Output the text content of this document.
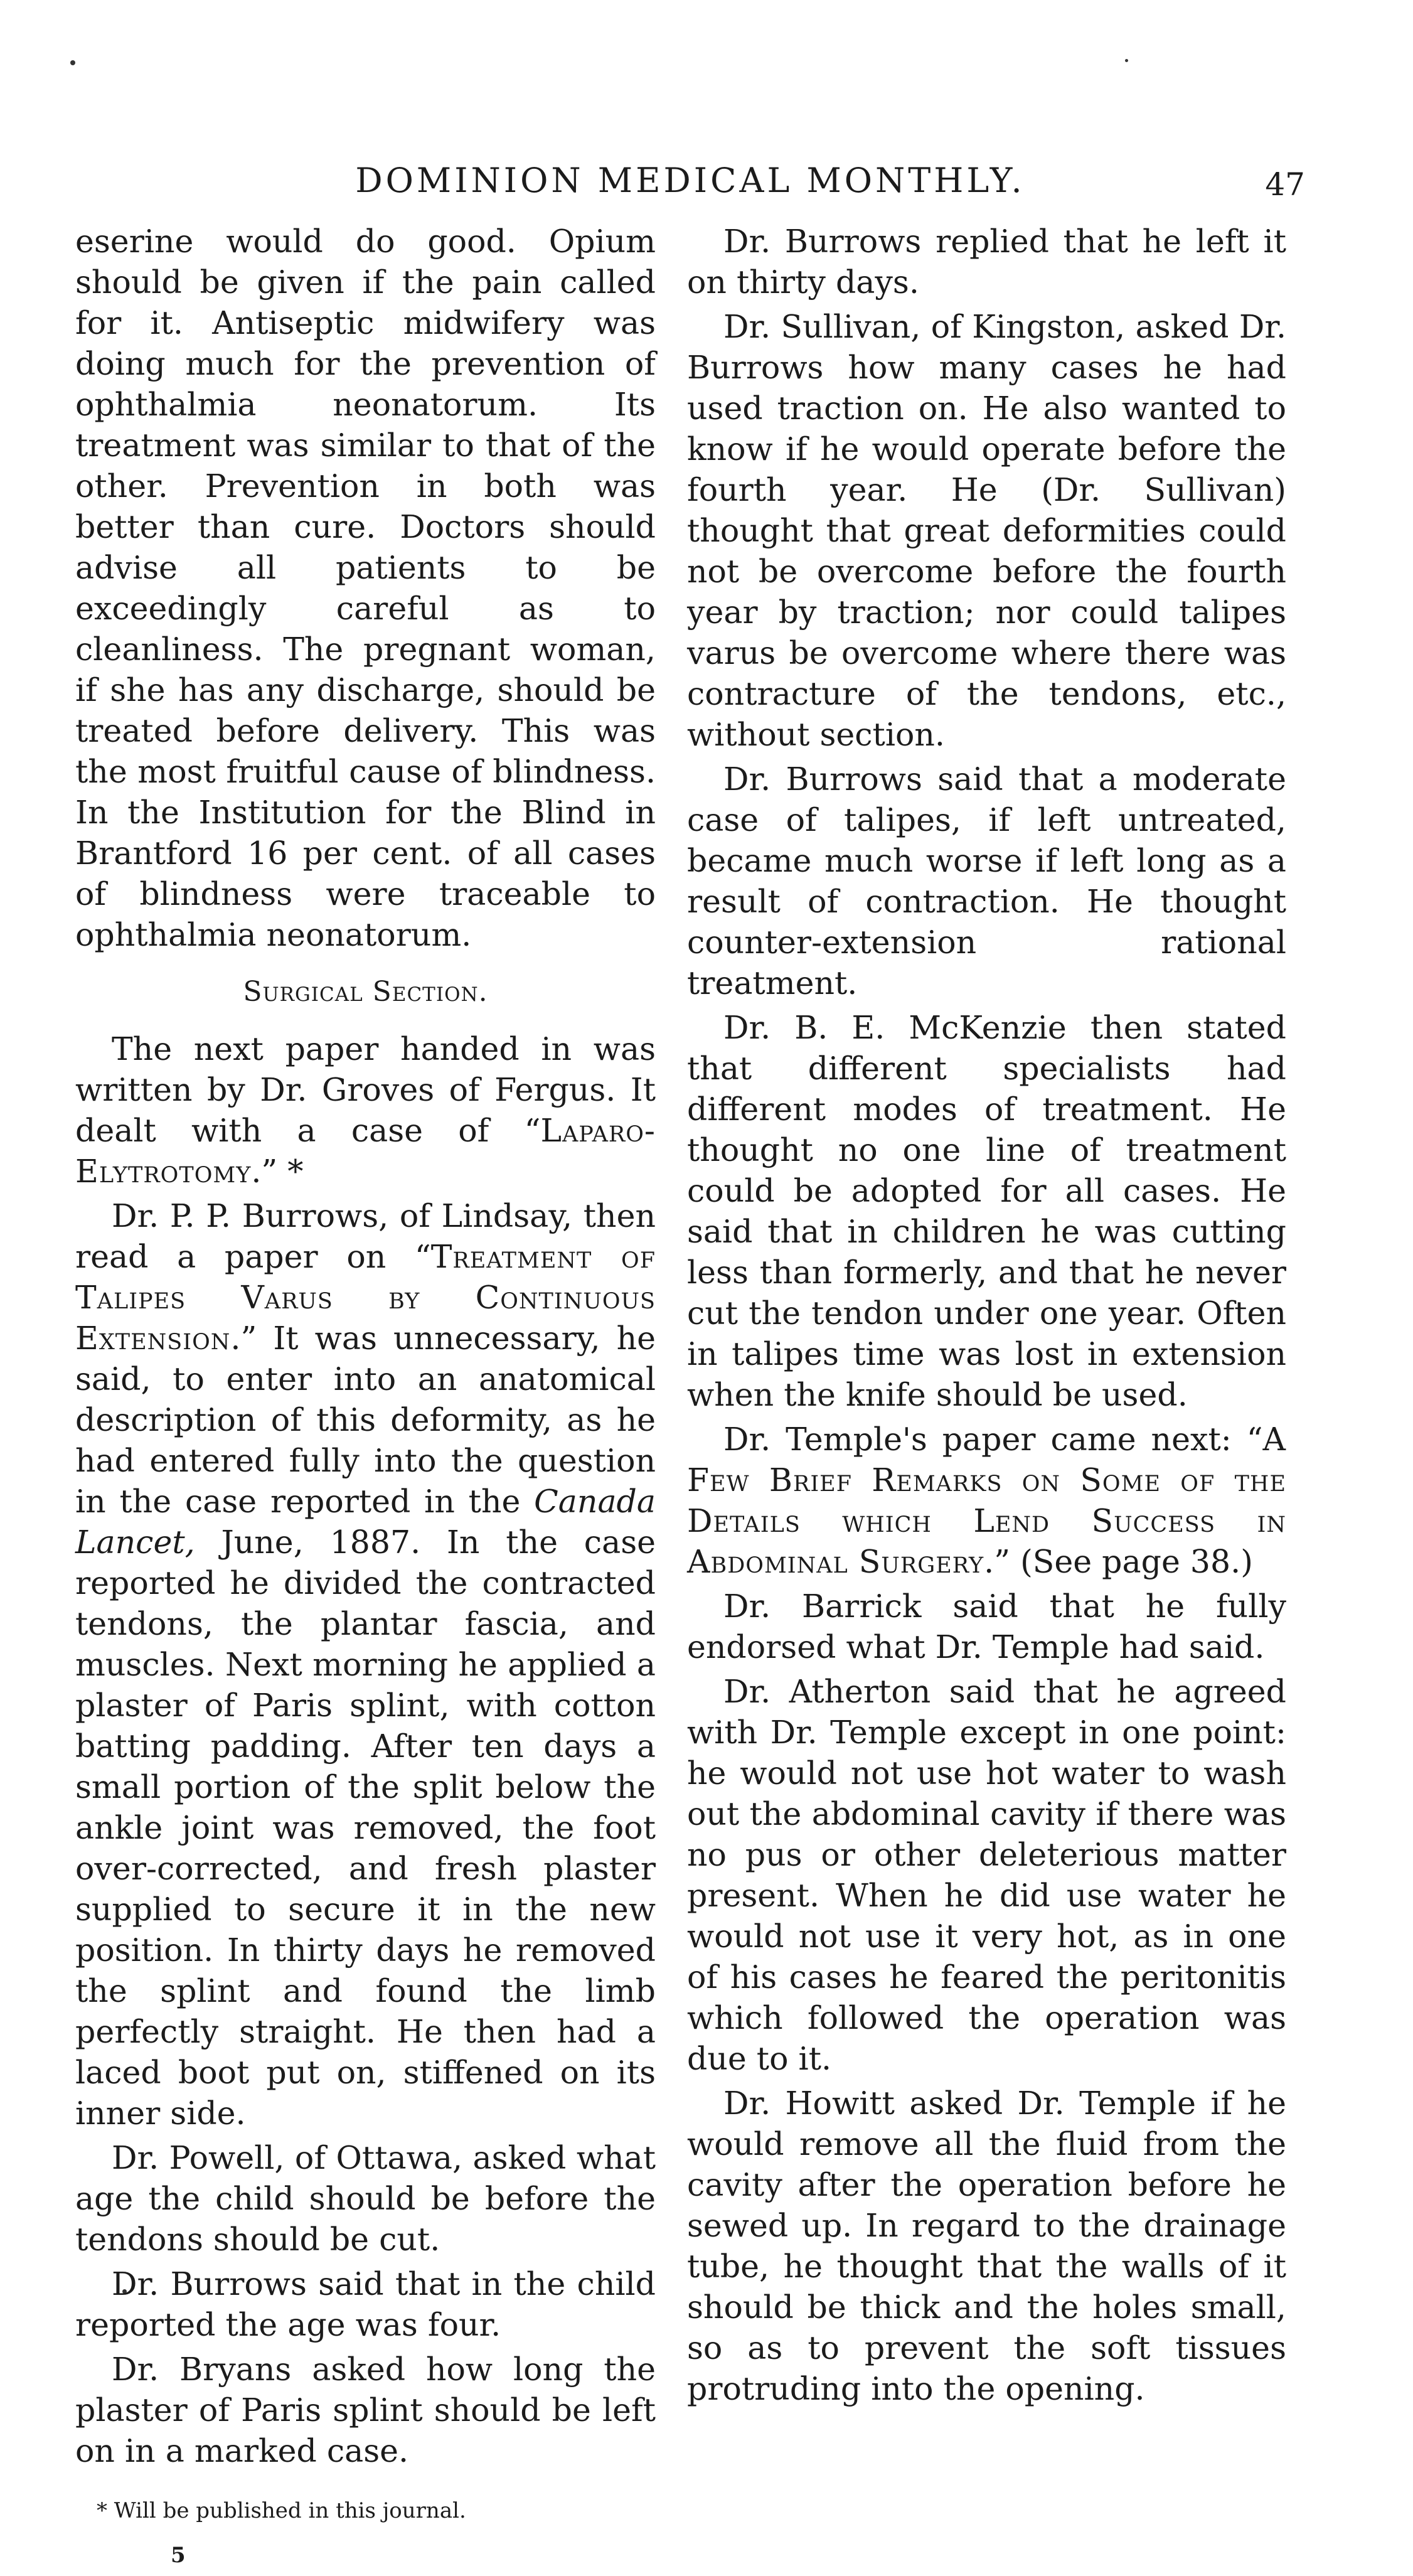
DOMINION MEDICAL MONTHLY.	47

eserine would do good. Opium should be given if the pain called for it. Antiseptic midwifery was doing much for the prevention of ophthalmia neonatorum. Its treatment was similar to that of the other. Prevention in both was better than cure. Doctors should advise all patients to be exceedingly careful as to cleanliness. The pregnant woman, if she has any discharge, should be treated before delivery. This was the most fruitful cause of blindness. In the Institution for the Blind in Brantford 16 per cent. of all cases of blindness were traceable to ophthalmia neonatorum.

Surgical Section.

The next paper handed in was written by Dr. Groves of Fergus. It dealt with a case of “Laparo-Elytrotomy.” *

Dr. P. P. Burrows, of Lindsay, then read a paper on “Treatment of Talipes Varus by Continuous Extension.” It was unnecessary, he said, to enter into an anatomical description of this deformity, as he had entered fully into the question in the case reported in the Canada Lancet, June, 1887. In the case reported he divided the contracted tendons, the plantar fascia, and muscles. Next morning he applied a plaster of Paris splint, with cotton batting padding. After ten days a small portion of the split below the ankle joint was removed, the foot over-corrected, and fresh plaster supplied to secure it in the new position. In thirty days he removed the splint and found the limb perfectly straight. He then had a laced boot put on, stiffened on its inner side.

Dr. Powell, of Ottawa, asked what age the child should be before the tendons should be cut.

Dr. Burrows said that in the child reported the age was four.

Dr. Bryans asked how long the plaster of Paris splint should be left on in a marked case.

* Will be published in this journal.
5

Dr. Burrows replied that he left it on thirty days.

Dr. Sullivan, of Kingston, asked Dr. Burrows how many cases he had used traction on. He also wanted to know if he would operate before the fourth year. He (Dr. Sullivan) thought that great deformities could not be overcome before the fourth year by traction; nor could talipes varus be overcome where there was contracture of the tendons, etc., without section.

Dr. Burrows said that a moderate case of talipes, if left untreated, became much worse if left long as a result of contraction. He thought counter-extension rational treatment.

Dr. B. E. McKenzie then stated that different specialists had different modes of treatment. He thought no one line of treatment could be adopted for all cases. He said that in children he was cutting less than formerly, and that he never cut the tendon under one year. Often in talipes time was lost in extension when the knife should be used.

Dr. Temple's paper came next: “A Few Brief Remarks on Some of the Details which Lend Success in Abdominal Surgery.” (See page 38.)

Dr. Barrick said that he fully endorsed what Dr. Temple had said.

Dr. Atherton said that he agreed with Dr. Temple except in one point: he would not use hot water to wash out the abdominal cavity if there was no pus or other deleterious matter present. When he did use water he would not use it very hot, as in one of his cases he feared the peritonitis which followed the operation was due to it.

Dr. Howitt asked Dr. Temple if he would remove all the fluid from the cavity after the operation before he sewed up. In regard to the drainage tube, he thought that the walls of it should be thick and the holes small, so as to prevent the soft tissues protruding into the opening.
